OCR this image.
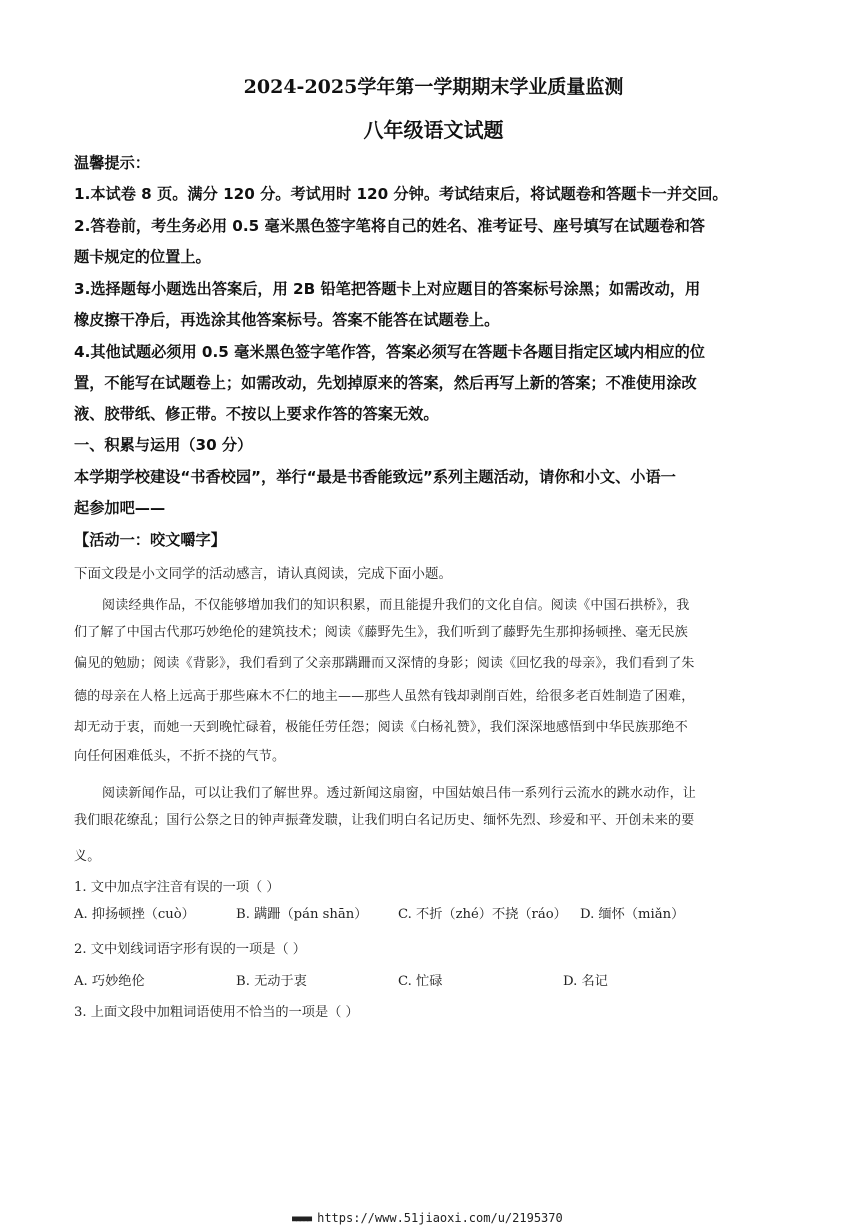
2024-2025学年第一学期期末学业质量监测
八年级语文试题
温馨提示：
1.本试卷 8 页。满分 120 分。考试用时 120 分钟。考试结束后，将试题卷和答题卡一并交回。
2.答卷前，考生务必用 0.5 毫米黑色签字笔将自己的姓名、准考证号、座号填写在试题卷和答
题卡规定的位置上。
3.选择题每小题选出答案后，用 2B 铅笔把答题卡上对应题目的答案标号涂黑；如需改动，用
橡皮擦干净后，再选涂其他答案标号。答案不能答在试题卷上。
4.其他试题必须用 0.5 毫米黑色签字笔作答，答案必须写在答题卡各题目指定区域内相应的位
置，不能写在试题卷上；如需改动，先划掉原来的答案，然后再写上新的答案；不准使用涂改
液、胶带纸、修正带。不按以上要求作答的答案无效。
一、积累与运用（30 分）
本学期学校建设“书香校园”，举行“最是书香能致远”系列主题活动，请你和小文、小语一
起参加吧——
【活动一：咬文嚼字】
下面文段是小文同学的活动感言，请认真阅读，完成下面小题。
阅读经典作品，不仅能够增加我们的知识积累，而且能提升我们的文化自信。阅读《中国石拱桥》，我
们了解了中国古代那巧妙绝伦的建筑技术；阅读《藤野先生》，我们听到了藤野先生那抑扬顿挫、毫无民族
偏见的勉励；阅读《背影》，我们看到了父亲那蹒跚而又深情的身影；阅读《回忆我的母亲》，我们看到了朱
德的母亲在人格上远高于那些麻木不仁的地主——那些人虽然有钱却剥削百姓，给很多老百姓制造了困难，
却无动于衷，而她一天到晚忙碌着，极能任劳任怨；阅读《白杨礼赞》，我们深深地感悟到中华民族那绝不
向任何困难低头，不折不挠的气节。
阅读新闻作品，可以让我们了解世界。透过新闻这扇窗，中国姑娘吕伟一系列行云流水的跳水动作，让
我们眼花缭乱；国行公祭之日的钟声振聋发聩，让我们明白名记历史、缅怀先烈、珍爱和平、开创未来的要
义。
1. 文中加点字注音有误的一项（ ）
A. 抑扬顿挫（cuò）	B. 蹒跚（pán shān） C. 不折（zhé）不挠（ráo） D. 缅怀（miǎn）
2. 文中划线词语字形有误的一项是（ ）
A. 巧妙绝伦	B. 无动于衷	C. 忙碌	D. 名记
3. 上面文段中加粗词语使用不恰当的一项是（ ）
■■■■■ https://www.51jiaoxi.com/u/2195370
